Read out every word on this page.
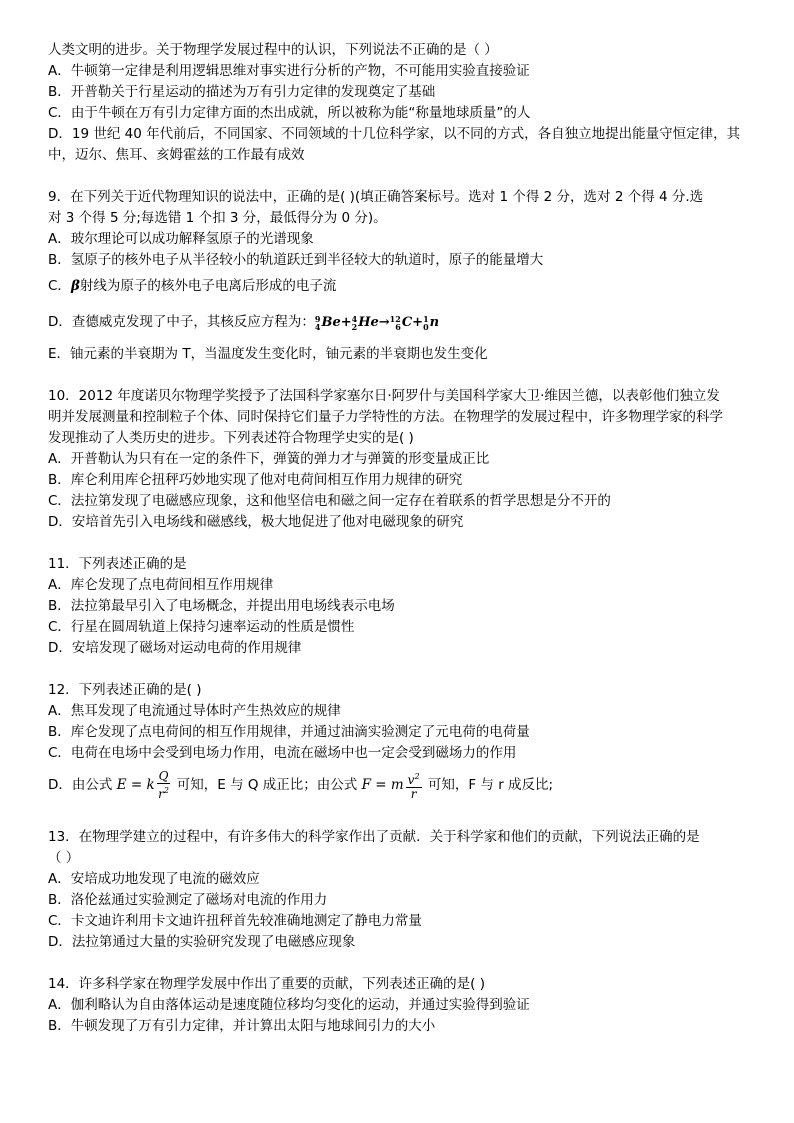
人类文明的进步。关于物理学发展过程中的认识，下列说法不正确的是（ ）
A．牛顿第一定律是利用逻辑思维对事实进行分析的产物，不可能用实验直接验证
B．开普勒关于行星运动的描述为万有引力定律的发现奠定了基础
C．由于牛顿在万有引力定律方面的杰出成就，所以被称为能“称量地球质量”的人
D．19 世纪 40 年代前后，不同国家、不同领域的十几位科学家，以不同的方式，各自独立地提出能量守恒定律，其
中，迈尔、焦耳、亥姆霍兹的工作最有成效
9．在下列关于近代物理知识的说法中，正确的是( )(填正确答案标号。选对 1 个得 2 分，选对 2 个得 4 分.选
对 3 个得 5 分;每选错 1 个扣 3 分，最低得分为 0 分)。
A．玻尔理论可以成功解释氢原子的光谱现象
B．氢原子的核外电子从半径较小的轨道跃迁到半径较大的轨道时，原子的能量增大
C．β射线为原子的核外电子电离后形成的电子流
D．查德威克发现了中子，其核反应方程为： 9
4 Be+ 4
2 He→ 12
6 C+ 1
0 n
E．铀元素的半衰期为 T，当温度发生变化时，铀元素的半衰期也发生变化
10．2012 年度诺贝尔物理学奖授予了法国科学家塞尔日·阿罗什与美国科学家大卫·维因兰德，以表彰他们独立发
明并发展测量和控制粒子个体、同时保持它们量子力学特性的方法。在物理学的发展过程中，许多物理学家的科学
发现推动了人类历史的进步。下列表述符合物理学史实的是( )
A．开普勒认为只有在一定的条件下，弹簧的弹力才与弹簧的形变量成正比
B．库仑利用库仑扭秤巧妙地实现了他对电荷间相互作用力规律的研究
C．法拉第发现了电磁感应现象，这和他坚信电和磁之间一定存在着联系的哲学思想是分不开的
D．安培首先引入电场线和磁感线，极大地促进了他对电磁现象的研究
11．下列表述正确的是
A．库仑发现了点电荷间相互作用规律
B．法拉第最早引入了电场概念，并提出用电场线表示电场
C．行星在圆周轨道上保持匀速率运动的性质是惯性
D．安培发现了磁场对运动电荷的作用规律
12．下列表述正确的是( )
A．焦耳发现了电流通过导体时产生热效应的规律
B．库仑发现了点电荷间的相互作用规律，并通过油滴实验测定了元电荷的电荷量
C．电荷在电场中会受到电场力作用，电流在磁场中也一定会受到磁场力的作用
D．由公式 E = k $\frac{Q}{r^2}$ 可知，E 与 Q 成正比；由公式 F = m $\frac{v^2}{r}$ 可知，F 与 r 成反比;
13．在物理学建立的过程中，有许多伟大的科学家作出了贡献．关于科学家和他们的贡献，下列说法正确的是
（ ）
A．安培成功地发现了电流的磁效应
B．洛伦兹通过实验测定了磁场对电流的作用力
C．卡文迪许利用卡文迪许扭秤首先较准确地测定了静电力常量
D．法拉第通过大量的实验研究发现了电磁感应现象
14．许多科学家在物理学发展中作出了重要的贡献，下列表述正确的是( )
A．伽利略认为自由落体运动是速度随位移均匀变化的运动，并通过实验得到验证
B．牛顿发现了万有引力定律，并计算出太阳与地球间引力的大小
